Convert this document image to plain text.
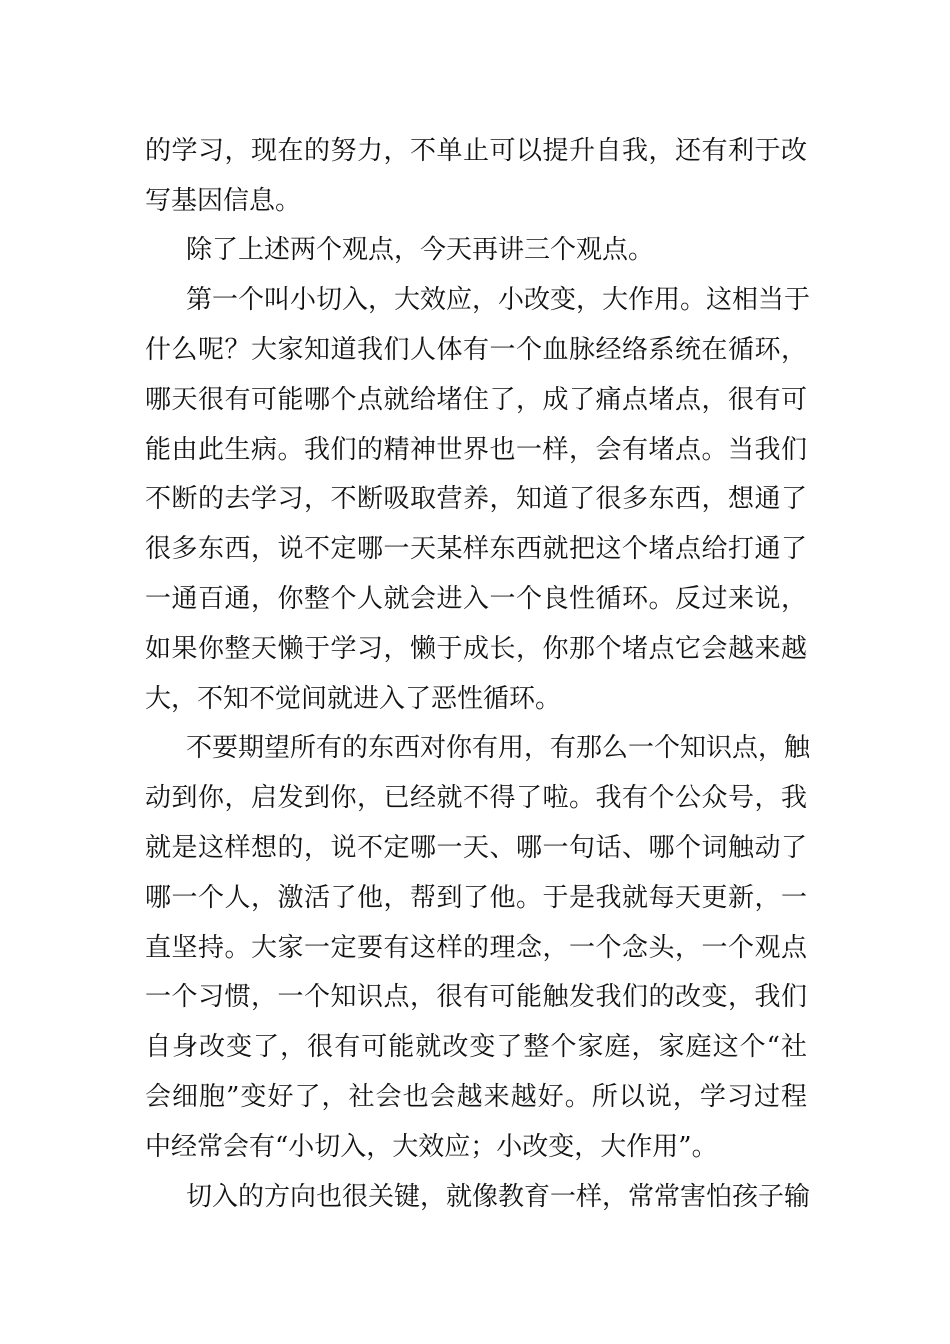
的学习，现在的努力，不单止可以提升自我，还有利于改
写基因信息。
除了上述两个观点，今天再讲三个观点。
第一个叫小切入，大效应，小改变，大作用。这相当于
什么呢？大家知道我们人体有一个血脉经络系统在循环，
哪天很有可能哪个点就给堵住了，成了痛点堵点，很有可
能由此生病。我们的精神世界也一样，会有堵点。当我们
不断的去学习，不断吸取营养，知道了很多东西，想通了
很多东西，说不定哪一天某样东西就把这个堵点给打通了
一通百通，你整个人就会进入一个良性循环。反过来说，
如果你整天懒于学习，懒于成长，你那个堵点它会越来越
大，不知不觉间就进入了恶性循环。
不要期望所有的东西对你有用，有那么一个知识点，触
动到你，启发到你，已经就不得了啦。我有个公众号，我
就是这样想的，说不定哪一天、哪一句话、哪个词触动了
哪一个人，激活了他，帮到了他。于是我就每天更新，一
直坚持。大家一定要有这样的理念，一个念头，一个观点
一个习惯，一个知识点，很有可能触发我们的改变，我们
自身改变了，很有可能就改变了整个家庭，家庭这个“社
会细胞”变好了，社会也会越来越好。所以说，学习过程
中经常会有“小切入，大效应；小改变，大作用”。
切入的方向也很关键，就像教育一样，常常害怕孩子输
